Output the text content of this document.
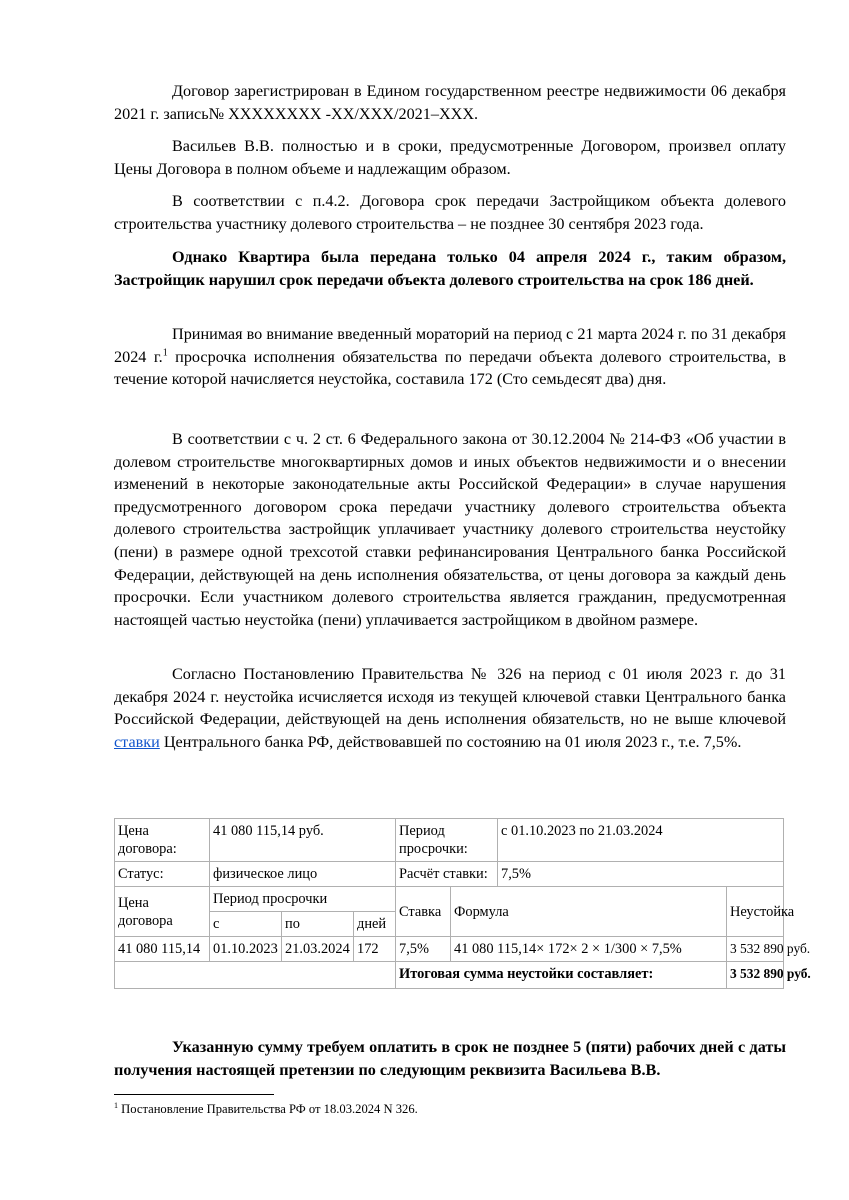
Договор зарегистрирован в Едином государственном реестре недвижимости 06 декабря 2021 г. запись№ XXXXXXXX -XX/XXX/2021–XXX.

Васильев В.В. полностью и в сроки, предусмотренные Договором, произвел оплату Цены Договора в полном объеме и надлежащим образом.

В соответствии с п.4.2. Договора срок передачи Застройщиком объекта долевого строительства участнику долевого строительства – не позднее 30 сентября 2023 года.

Однако Квартира была передана только 04 апреля 2024 г., таким образом, Застройщик нарушил срок передачи объекта долевого строительства на срок 186 дней.

Принимая во внимание введенный мораторий на период с 21 марта 2024 г. по 31 декабря 2024 г.$^1$ просрочка исполнения обязательства по передачи объекта долевого строительства, в течение которой начисляется неустойка, составила 172 (Сто семьдесят два) дня.

В соответствии с ч. 2 ст. 6 Федерального закона от 30.12.2004 № 214-ФЗ «Об участии в долевом строительстве многоквартирных домов и иных объектов недвижимости и о внесении изменений в некоторые законодательные акты Российской Федерации» в случае нарушения предусмотренного договором срока передачи участнику долевого строительства объекта долевого строительства застройщик уплачивает участнику долевого строительства неустойку (пени) в размере одной трехсотой ставки рефинансирования Центрального банка Российской Федерации, действующей на день исполнения обязательства, от цены договора за каждый день просрочки. Если участником долевого строительства является гражданин, предусмотренная настоящей частью неустойка (пени) уплачивается застройщиком в двойном размере.

Согласно Постановлению Правительства № 326 на период с 01 июля 2023 г. до 31 декабря 2024 г. неустойка исчисляется исходя из текущей ключевой ставки Центрального банка Российской Федерации, действующей на день исполнения обязательств, но не выше ключевой ставки Центрального банка РФ, действовавшей по состоянию на 01 июля 2023 г., т.е. 7,5%.

Цена договора:	41 080 115,14 руб.			Период просрочки:		с 01.10.2023 по 21.03.2024	
Статус:	физическое лицо			Расчёт ставки:		7,5%	
Цена договора	Период просрочки			Ставка	Формула		Неустойка
	с	по	дней				
41 080 115,14	01.10.2023	21.03.2024	172	7,5%	41 080 115,14× 172× 2 × 1/300 × 7,5%		3 532 890 руб.
				Итоговая сумма неустойки составляет:			3 532 890 руб.

Указанную сумму требуем оплатить в срок не позднее 5 (пяти) рабочих дней с даты получения настоящей претензии по следующим реквизита Васильева В.В.

$^1$ Постановление Правительства РФ от 18.03.2024 N 326.
